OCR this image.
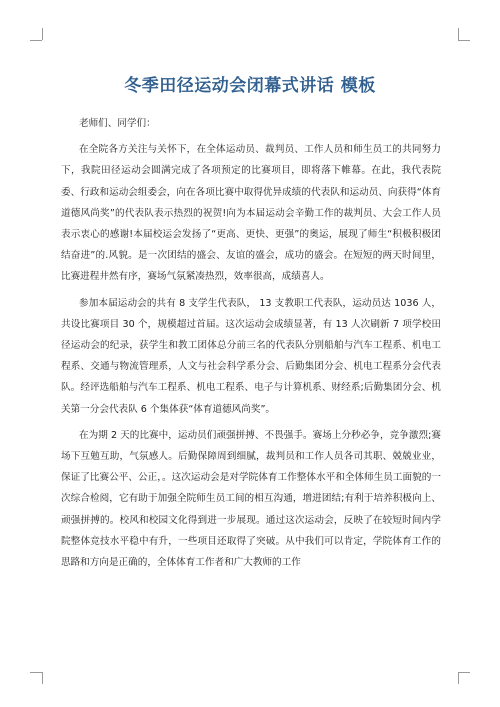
冬季田径运动会闭幕式讲话 模板

老师们、同学们：

在全院各方关注与关怀下，在全体运动员、裁判员、工作人员和师生员工的共同努力下，我院田径运动会圆满完成了各项预定的比赛项目，即将落下帷幕。在此，我代表院委、行政和运动会组委会，向在各项比赛中取得优异成绩的代表队和运动员、向获得“体育道德风尚奖”的代表队表示热烈的祝贺!向为本届运动会辛勤工作的裁判员、大会工作人员表示衷心的感谢!本届校运会发扬了“更高、更快、更强”的奥运，展现了师生“积极积极团结奋进”的.风貌。是一次团结的盛会、友谊的盛会，成功的盛会。在短短的两天时间里，比赛进程井然有序，赛场气氛紧凑热烈，效率很高，成绩喜人。

参加本届运动会的共有 8 支学生代表队， 13 支教职工代表队，运动员达 1036 人，共设比赛项目 30 个，规模超过首届。这次运动会成绩显著，有 13 人次刷新 7 项学校田径运动会的纪录，获学生和教工团体总分前三名的代表队分别船舶与汽车工程系、机电工程系、交通与物流管理系，人文与社会科学系分会、后勤集团分会、机电工程系分会代表队。经评选船舶与汽车工程系、机电工程系、电子与计算机系、财经系;后勤集团分会、机关第一分会代表队 6 个集体获“体育道德风尚奖”。

在为期 2 天的比赛中，运动员们顽强拼搏、不畏强手。赛场上分秒必争，竞争激烈;赛场下互勉互助，气氛感人。后勤保障周到细腻，裁判员和工作人员各司其职、兢兢业业，保证了比赛公平、公正，。这次运动会是对学院体育工作整体水平和全体师生员工面貌的一次综合检阅，它有助于加强全院师生员工间的相互沟通，增进团结;有利于培养积极向上、顽强拼搏的。校风和校园文化得到进一步展现。通过这次运动会，反映了在较短时间内学院整体竞技水平稳中有升，一些项目还取得了突破。从中我们可以肯定，学院体育工作的思路和方向是正确的，全体体育工作者和广大教师的工作
